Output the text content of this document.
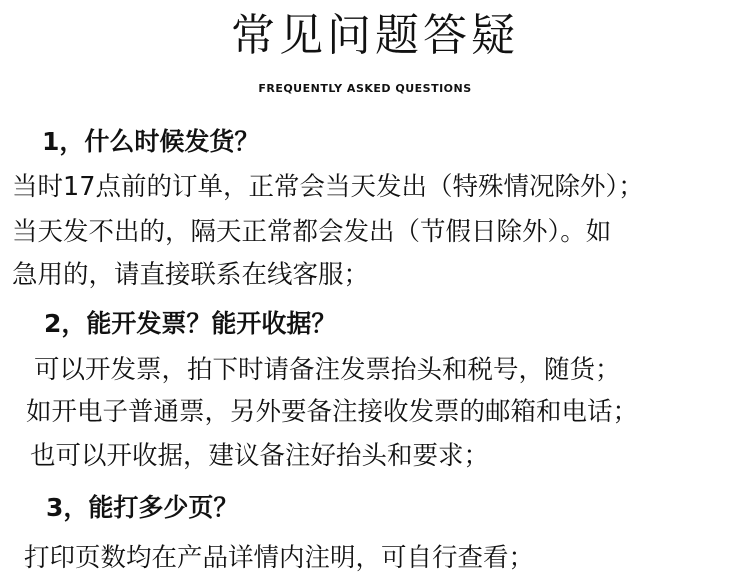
常见问题答疑
FREQUENTLY ASKED QUESTIONS
1，什么时候发货？
当时17点前的订单，正常会当天发出（特殊情况除外）；
当天发不出的，隔天正常都会发出（节假日除外）。如
急用的，请直接联系在线客服；
2，能开发票？能开收据？
可以开发票，拍下时请备注发票抬头和税号，随货；
如开电子普通票，另外要备注接收发票的邮箱和电话；
也可以开收据，建议备注好抬头和要求；
3，能打多少页？
打印页数均在产品详情内注明，可自行查看；
